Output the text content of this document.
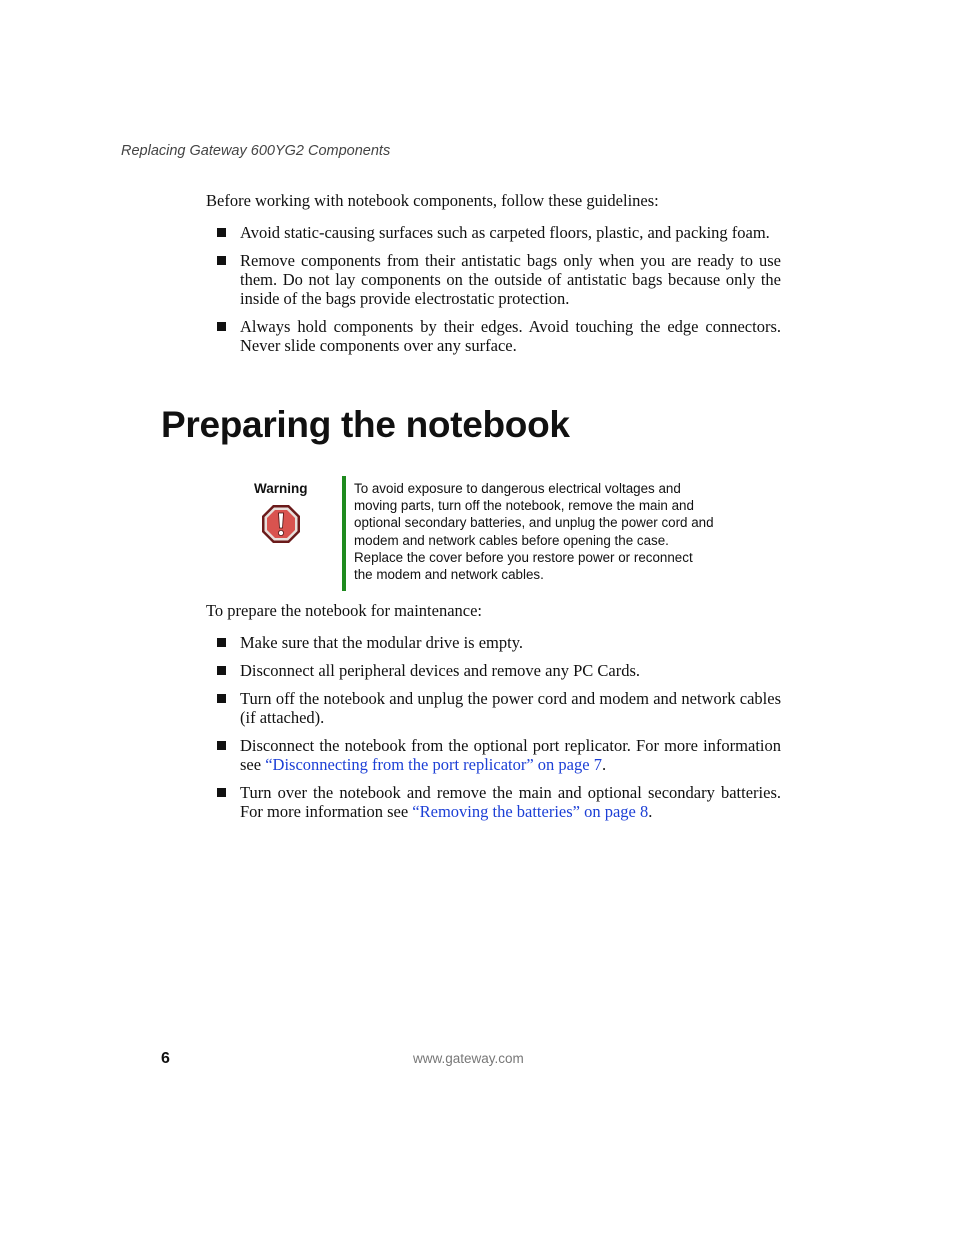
Replacing Gateway 600YG2 Components

Before working with notebook components, follow these guidelines:

Avoid static-causing surfaces such as carpeted floors, plastic, and packing foam.
Remove components from their antistatic bags only when you are ready to use them. Do not lay components on the outside of antistatic bags because only the inside of the bags provide electrostatic protection.
Always hold components by their edges. Avoid touching the edge connectors. Never slide components over any surface.
Preparing the notebook
Warning	To avoid exposure to dangerous electrical voltages and moving parts, turn off the notebook, remove the main and optional secondary batteries, and unplug the power cord and modem and network cables before opening the case. Replace the cover before you restore power or reconnect the modem and network cables.

To prepare the notebook for maintenance:

Make sure that the modular drive is empty.
Disconnect all peripheral devices and remove any PC Cards.
Turn off the notebook and unplug the power cord and modem and network cables (if attached).
Disconnect the notebook from the optional port replicator. For more information see “Disconnecting from the port replicator” on page 7.
Turn over the notebook and remove the main and optional secondary batteries. For more information see “Removing the batteries” on page 8.
6	www.gateway.com
